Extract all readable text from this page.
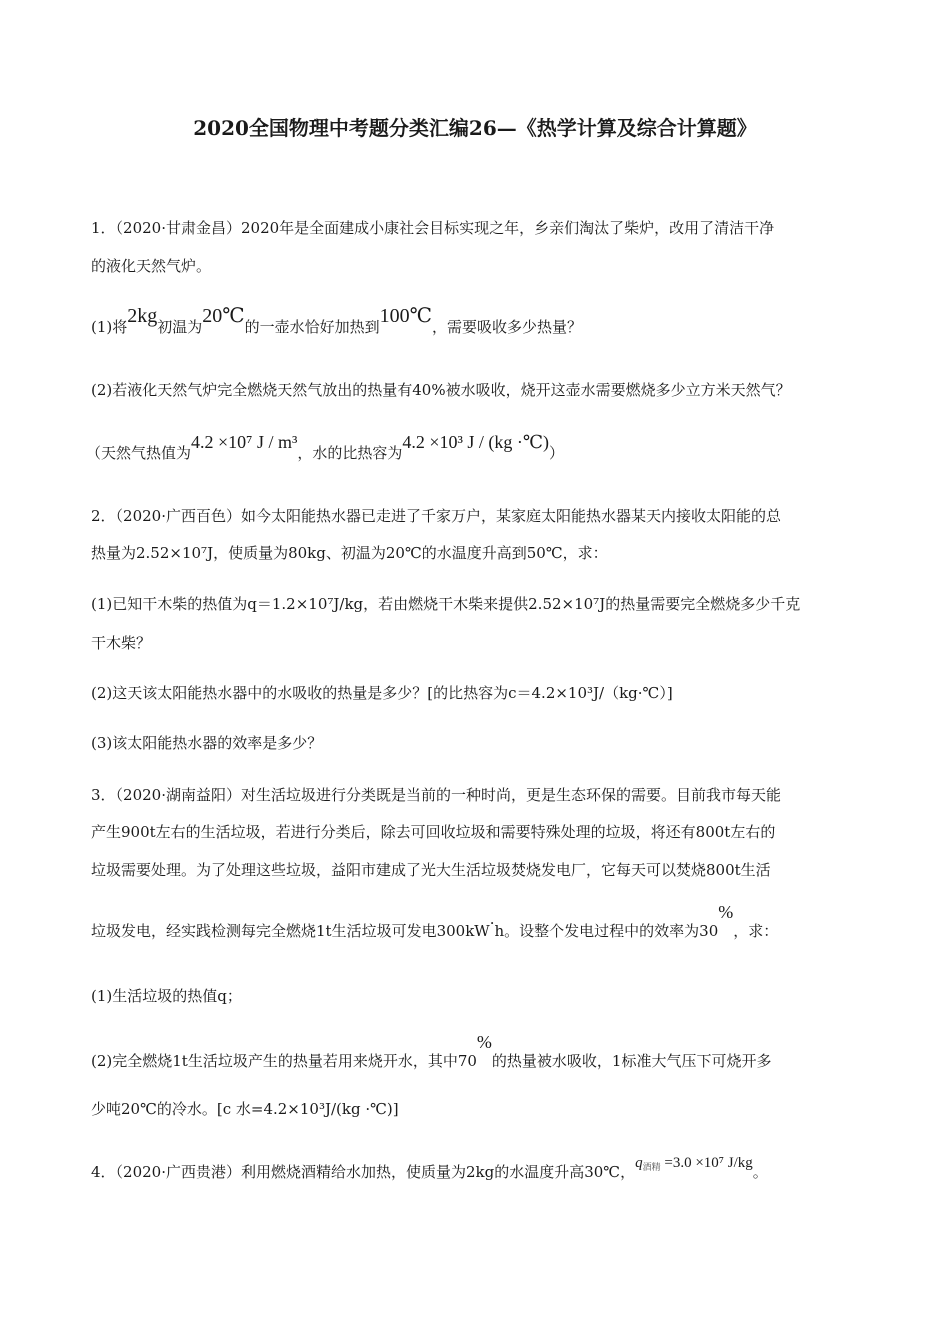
2020全国物理中考题分类汇编26—《热学计算及综合计算题》
1．（2020·甘肃金昌）2020年是全面建成小康社会目标实现之年，乡亲们淘汰了柴炉，改用了清洁干净
的液化天然气炉。
(1)将2kg初温为20℃的一壶水恰好加热到100℃，需要吸收多少热量？
(2)若液化天然气炉完全燃烧天然气放出的热量有40%被水吸收，烧开这壶水需要燃烧多少立方米天然气？
（天然气热值为4.2 ×10⁷ J / m³，水的比热容为4.2 ×10³ J / (kg ·℃)）
2．（2020·广西百色）如今太阳能热水器已走进了千家万户，某家庭太阳能热水器某天内接收太阳能的总
热量为2.52×10⁷J，使质量为80kg、初温为20℃的水温度升高到50℃，求：
(1)已知干木柴的热值为q＝1.2×10⁷J/kg，若由燃烧干木柴来提供2.52×10⁷J的热量需要完全燃烧多少千克
干木柴？
(2)这天该太阳能热水器中的水吸收的热量是多少？[的比热容为c＝4.2×10³J/（kg·℃）]
(3)该太阳能热水器的效率是多少？
3．（2020·湖南益阳）对生活垃圾进行分类既是当前的一种时尚，更是生态环保的需要。目前我市每天能
产生900t左右的生活垃圾，若进行分类后，除去可回收垃圾和需要特殊处理的垃圾，将还有800t左右的
垃圾需要处理。为了处理这些垃圾，益阳市建成了光大生活垃圾焚烧发电厂，它每天可以焚烧800t生活
垃圾发电，经实践检测每完全燃烧1t生活垃圾可发电300kW·h。设整个发电过程中的效率为30%，求：
(1)生活垃圾的热值q；
(2)完全燃烧1t生活垃圾产生的热量若用来烧开水，其中70%的热量被水吸收，1标准大气压下可烧开多
少吨20℃的冷水。[c 水=4.2×10³J/(kg ·℃)]
4．（2020·广西贵港）利用燃烧酒精给水加热，使质量为2kg的水温度升高30℃，$q_{酒精} =3.0 \times 10^7$ J/kg。
